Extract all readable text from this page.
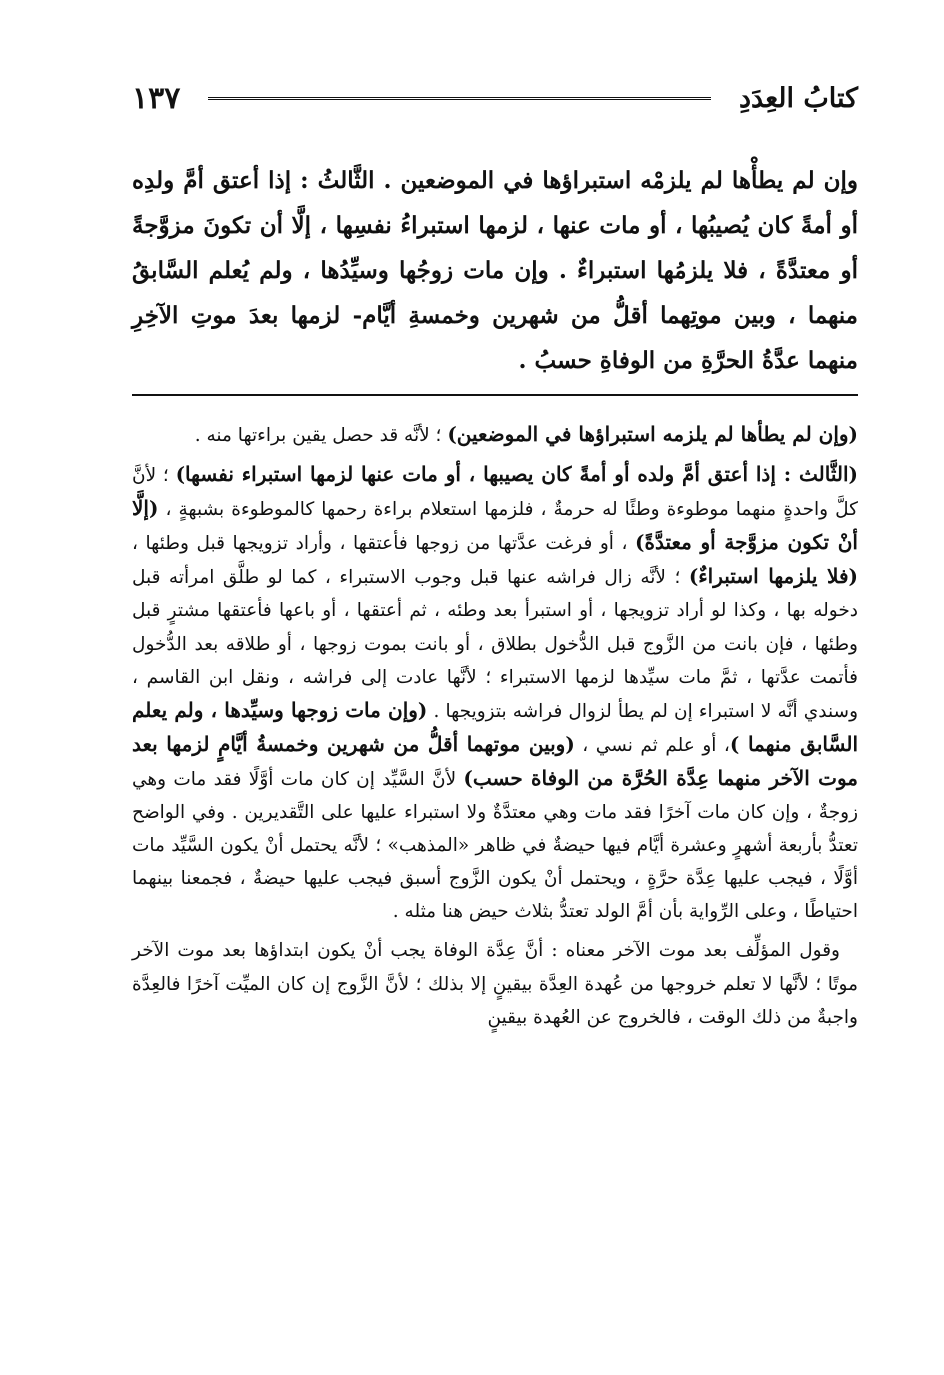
كتابُ العِدَدِ
١٣٧

وإن لم يطأْها لم يلزمْه استبراؤها في الموضعين . الثَّالثُ : إذا أعتق أمَّ ولدِه أو أمةً كان يُصيبُها ، أو مات عنها ، لزمها استبراءُ نفسِها ، إلَّا أن تكونَ مزوَّجةً أو معتدَّةً ، فلا يلزمُها استبراءٌ . وإن مات زوجُها وسيِّدُها ، ولم يُعلم السَّابقُ منهما ، وبين موتِهما أقلُّ من شهرين وخمسةِ أيَّام- لزمها بعدَ موتِ الآخِرِ منهما عدَّةُ الحرَّةِ من الوفاةِ حسبُ .

(وإن لم يطأها لم يلزمه استبراؤها في الموضعين) ؛ لأنَّه قد حصل يقين براءتها منه .

(الثَّالث : إذا أعتق أمَّ ولده أو أمةً كان يصيبها ، أو مات عنها لزمها استبراء نفسها) ؛ لأنَّ كلَّ واحدةٍ منهما موطوءة وطئًا له حرمةٌ ، فلزمها استعلام براءة رحمها كالموطوءة بشبهةٍ ، (إلَّا أنْ تكون مزوَّجة أو معتدَّةً) ، أو فرغت عدَّتها من زوجها فأعتقها ، وأراد تزويجها قبل وطئها ، (فلا يلزمها استبراءٌ) ؛ لأنَّه زال فراشه عنها قبل وجوب الاستبراء ، كما لو طلَّق امرأته قبل دخوله بها ، وكذا لو أراد تزويجها ، أو استبرأ بعد وطئه ، ثم أعتقها ، أو باعها فأعتقها مشترٍ قبل وطئها ، فإن بانت من الزَّوج قبل الدُّخول بطلاق ، أو بانت بموت زوجها ، أو طلاقه بعد الدُّخول فأتمت عدَّتها ، ثمَّ مات سيِّدها لزمها الاستبراء ؛ لأنَّها عادت إلى فراشه ، ونقل ابن القاسم ، وسندي أنَّه لا استبراء إن لم يطأ لزوال فراشه بتزويجها . (وإن مات زوجها وسيِّدها ، ولم يعلم السَّابق منهما )، أو علم ثم نسي ، (وبين موتهما أقلُّ من شهرين وخمسةُ أيَّامٍ لزمها بعد موت الآخر منهما عِدَّة الحُرَّة من الوفاة حسب) لأنَّ السَّيِّد إن كان مات أوَّلًا فقد مات وهي زوجةٌ ، وإن كان مات آخرًا فقد مات وهي معتدَّةٌ ولا استبراء عليها على التَّقديرين . وفي الواضح تعتدُّ بأربعة أشهرٍ وعشرة أيَّام فيها حيضةٌ في ظاهر «المذهب» ؛ لأنَّه يحتمل أنْ يكون السَّيِّد مات أوَّلًا ، فيجب عليها عِدَّة حرَّةٍ ، ويحتمل أنْ يكون الزَّوج أسبق فيجب عليها حيضةٌ ، فجمعنا بينهما احتياطًا ، وعلى الرِّواية بأن أمَّ الولد تعتدُّ بثلاث حيض هنا مثله .

وقول المؤلِّف بعد موت الآخر معناه : أنَّ عِدَّة الوفاة يجب أنْ يكون ابتداؤها بعد موت الآخر موتًا ؛ لأنَّها لا تعلم خروجها من عُهدة العِدَّة بيقينٍ إلا بذلك ؛ لأنَّ الزَّوج إن كان الميِّت آخرًا فالعِدَّة واجبةٌ من ذلك الوقت ، فالخروج عن العُهدة بيقينٍ
